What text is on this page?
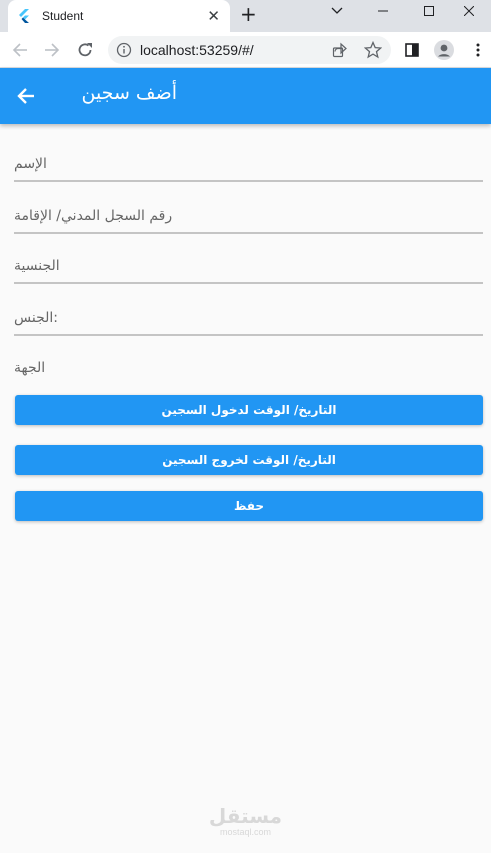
Student	✕ +
localhost:53259/#/
أضف سجين
الإسم
رقم السجل المدني/ الإقامة
الجنسية
الجنس:
الجهة
التاريخ/ الوقت لدخول السجين
التاريخ/ الوقت لخروج السجين
حفظ
مستقل
mostaql.com
